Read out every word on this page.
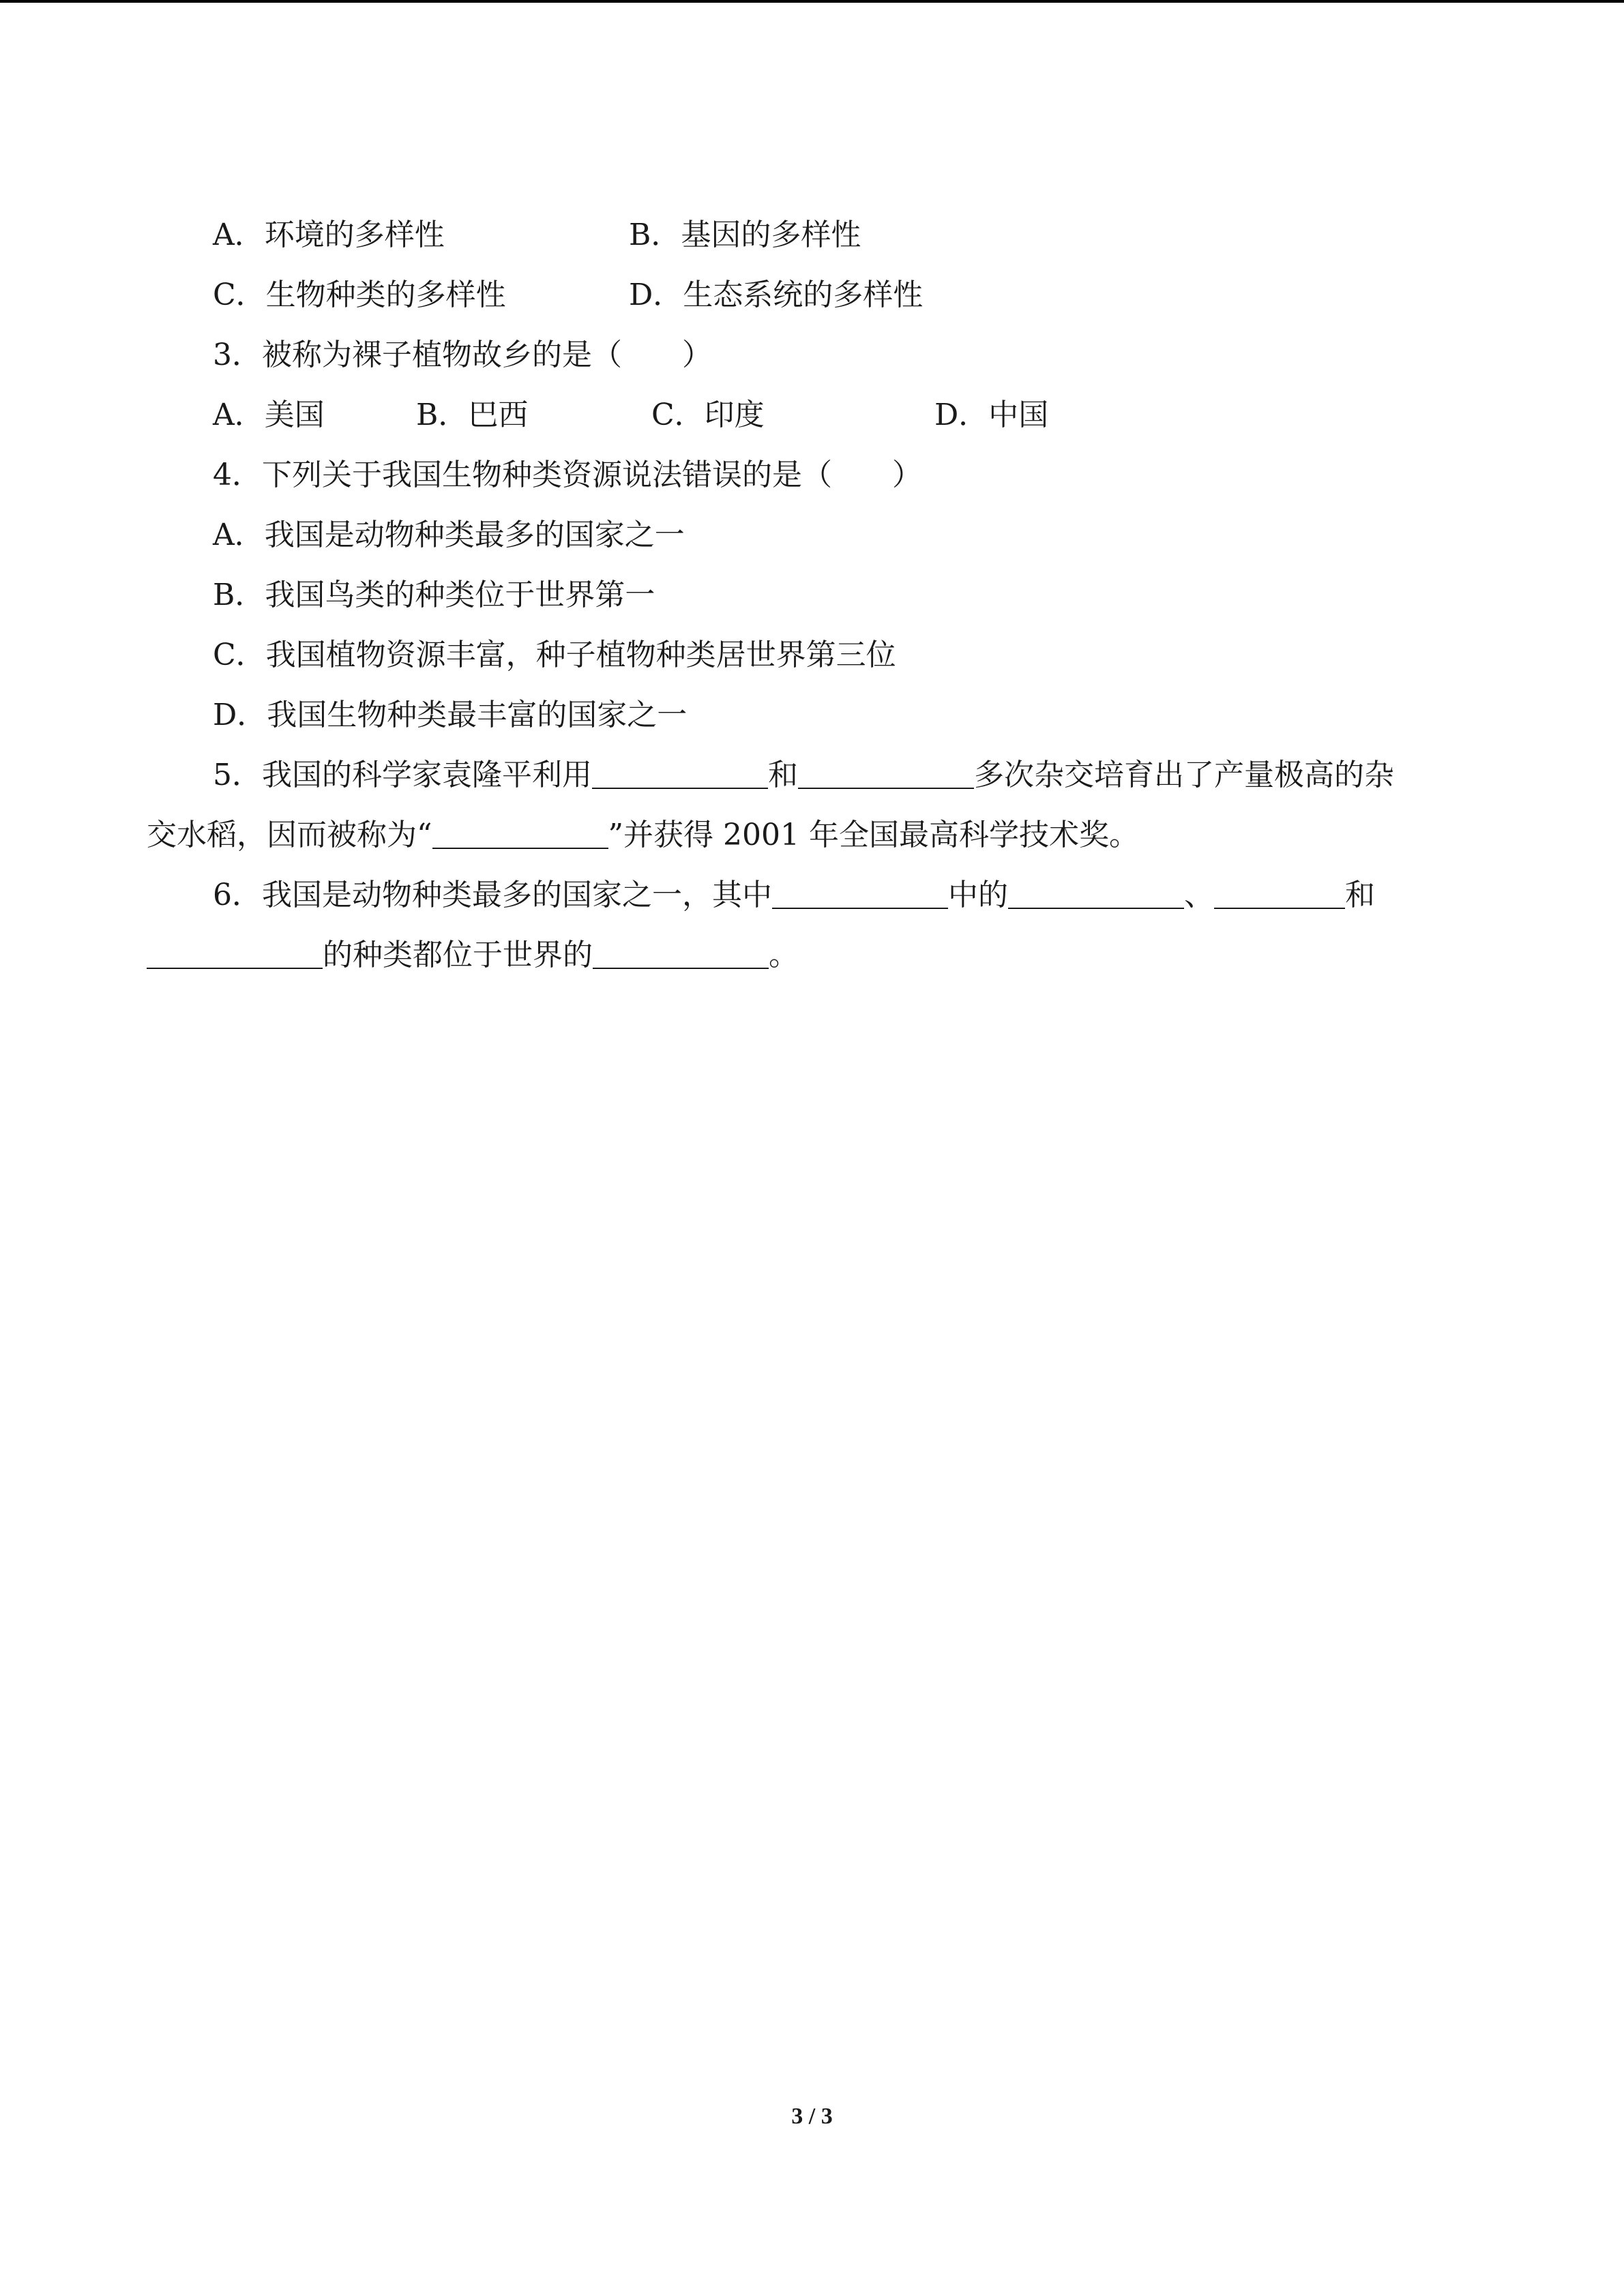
A．环境的多样性	B．基因的多样性
C．生物种类的多样性	D．生态系统的多样性
3．被称为裸子植物故乡的是（　　）
A．美国	B．巴西	C．印度	D．中国
4．下列关于我国生物种类资源说法错误的是（　　）
A．我国是动物种类最多的国家之一
B．我国鸟类的种类位于世界第一
C．我国植物资源丰富，种子植物种类居世界第三位
D．我国生物种类最丰富的国家之一
5．我国的科学家袁隆平利用	和	多次杂交培育出了产量极高的杂
交水稻，因而被称为“	”并获得 2001 年全国最高科学技术奖。
6．我国是动物种类最多的国家之一，其中	中的	、	和
的种类都位于世界的	。
3 / 3
